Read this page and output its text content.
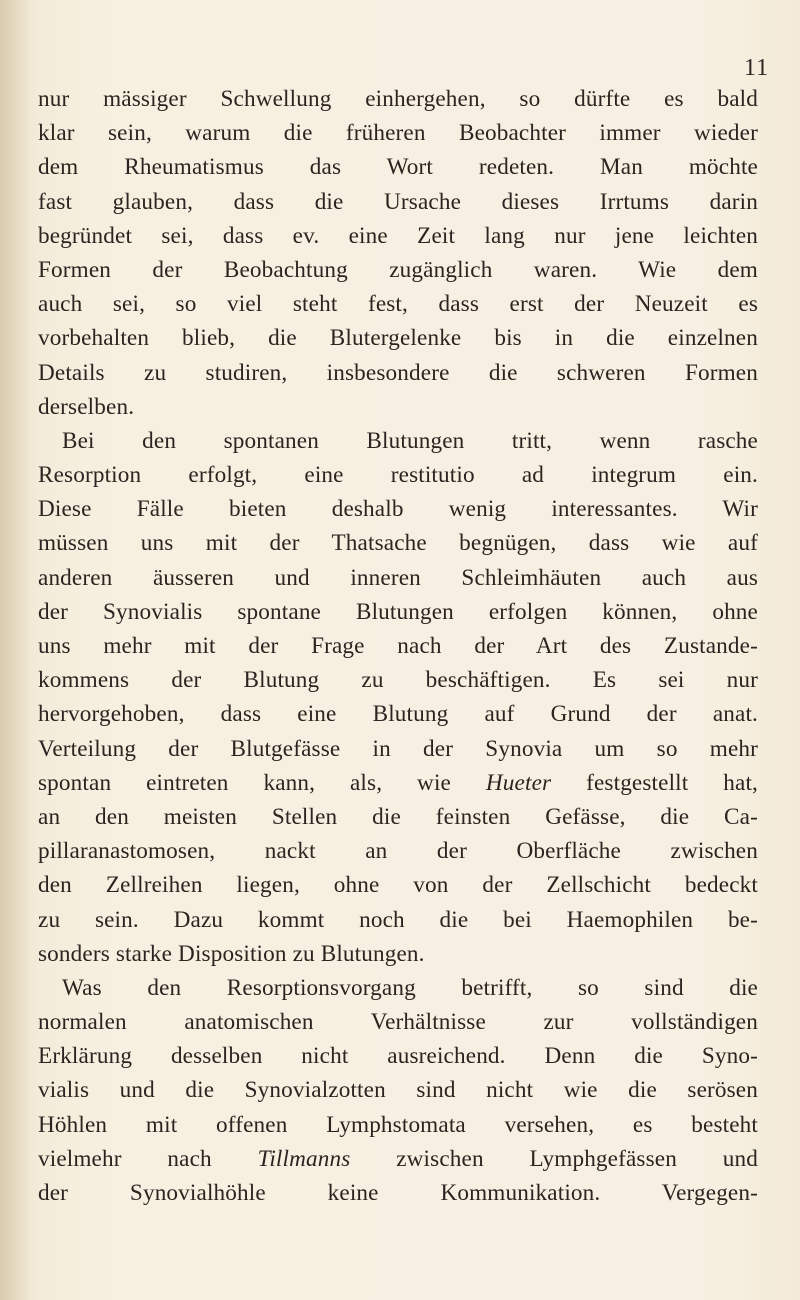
11
nur mässiger Schwellung einhergehen, so dürfte es bald
klar sein, warum die früheren Beobachter immer wieder
dem Rheumatismus das Wort redeten. Man möchte
fast glauben, dass die Ursache dieses Irrtums darin
begründet sei, dass ev. eine Zeit lang nur jene leichten
Formen der Beobachtung zugänglich waren. Wie dem
auch sei, so viel steht fest, dass erst der Neuzeit es
vorbehalten blieb, die Blutergelenke bis in die einzelnen
Details zu studiren, insbesondere die schweren Formen
derselben.
Bei den spontanen Blutungen tritt, wenn rasche
Resorption erfolgt, eine restitutio ad integrum ein.
Diese Fälle bieten deshalb wenig interessantes. Wir
müssen uns mit der Thatsache begnügen, dass wie auf
anderen äusseren und inneren Schleimhäuten auch aus
der Synovialis spontane Blutungen erfolgen können, ohne
uns mehr mit der Frage nach der Art des Zustande-
kommens der Blutung zu beschäftigen. Es sei nur
hervorgehoben, dass eine Blutung auf Grund der anat.
Verteilung der Blutgefässe in der Synovia um so mehr
spontan eintreten kann, als, wie Hueter festgestellt hat,
an den meisten Stellen die feinsten Gefässe, die Ca-
pillaranastomosen, nackt an der Oberfläche zwischen
den Zellreihen liegen, ohne von der Zellschicht bedeckt
zu sein. Dazu kommt noch die bei Haemophilen be-
sonders starke Disposition zu Blutungen.
Was den Resorptionsvorgang betrifft, so sind die
normalen anatomischen Verhältnisse zur vollständigen
Erklärung desselben nicht ausreichend. Denn die Syno-
vialis und die Synovialzotten sind nicht wie die serösen
Höhlen mit offenen Lymphstomata versehen, es besteht
vielmehr nach Tillmanns zwischen Lymphgefässen und
der Synovialhöhle keine Kommunikation. Vergegen-
